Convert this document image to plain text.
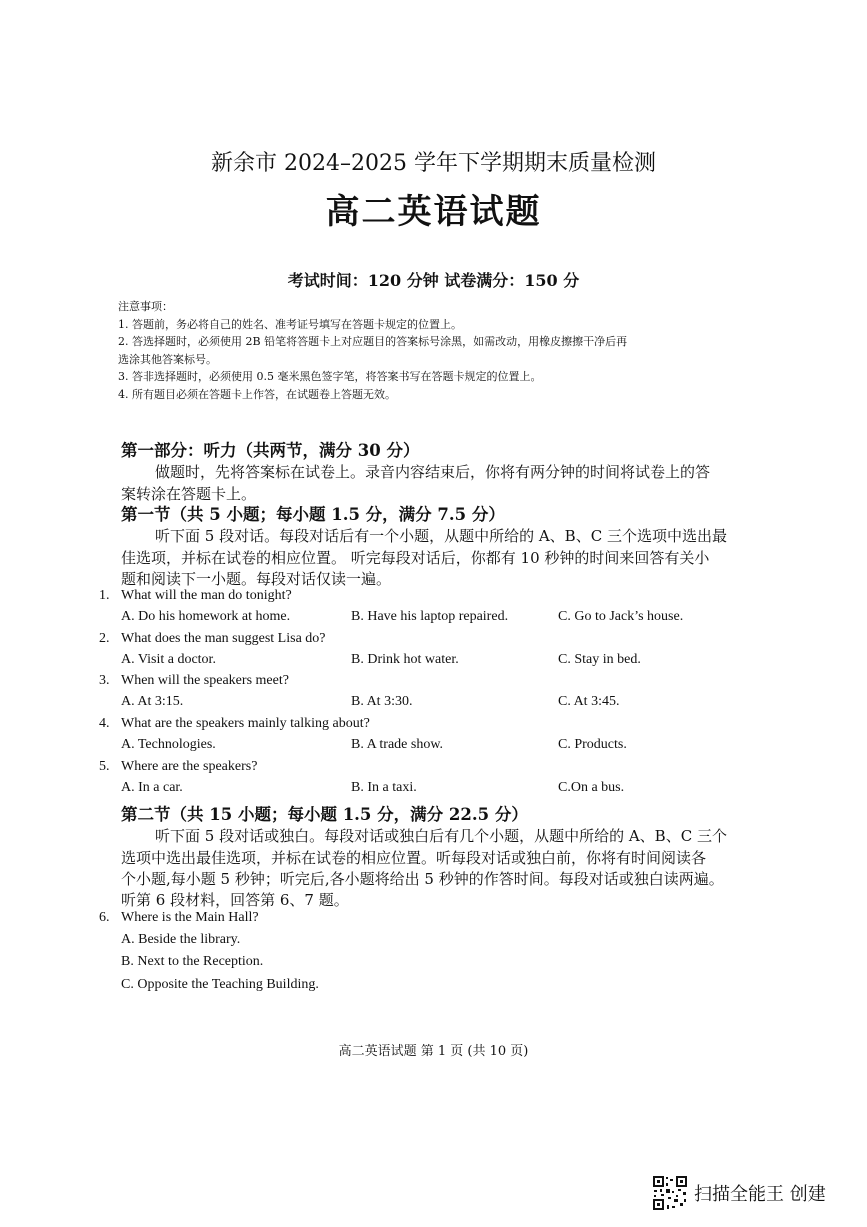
新余市 2024–2025 学年下学期期末质量检测
高二英语试题
考试时间：120 分钟 试卷满分：150 分
注意事项：
1. 答题前，务必将自己的姓名、准考证号填写在答题卡规定的位置上。
2. 答选择题时，必须使用 2B 铅笔将答题卡上对应题目的答案标号涂黑，如需改动，用橡皮擦擦干净后再
选涂其他答案标号。
3. 答非选择题时，必须使用 0.5 毫米黑色签字笔，将答案书写在答题卡规定的位置上。
4. 所有题目必须在答题卡上作答，在试题卷上答题无效。
第一部分：听力（共两节，满分 30 分）
做题时，先将答案标在试卷上。录音内容结束后，你将有两分钟的时间将试卷上的答
案转涂在答题卡上。
第一节（共 5 小题；每小题 1.5 分，满分 7.5 分）
听下面 5 段对话。每段对话后有一个小题，从题中所给的 A、B、C 三个选项中选出最
佳选项，并标在试卷的相应位置。 听完每段对话后，你都有 10 秒钟的时间来回答有关小
题和阅读下一小题。每段对话仅读一遍。
1. What will the man do tonight?
A. Do his homework at home.	B. Have his laptop repaired.	C. Go to Jack’s house.
2. What does the man suggest Lisa do?
A. Visit a doctor.	B. Drink hot water.	C. Stay in bed.
3. When will the speakers meet?
A. At 3:15.	B. At 3:30.	C. At 3:45.
4. What are the speakers mainly talking about?
A. Technologies.	B. A trade show.	C. Products.
5. Where are the speakers?
A. In a car.	B. In a taxi.	C.On a bus.
第二节（共 15 小题；每小题 1.5 分，满分 22.5 分）
听下面 5 段对话或独白。每段对话或独白后有几个小题，从题中所给的 A、B、C 三个
选项中选出最佳选项，并标在试卷的相应位置。听每段对话或独白前，你将有时间阅读各
个小题,每小题 5 秒钟；听完后,各小题将给出 5 秒钟的作答时间。每段对话或独白读两遍。
听第 6 段材料，回答第 6、7 题。
6. Where is the Main Hall?
A. Beside the library.
B. Next to the Reception.
C. Opposite the Teaching Building.
高二英语试题 第 1 页 (共 10 页)
扫描全能王 创建
